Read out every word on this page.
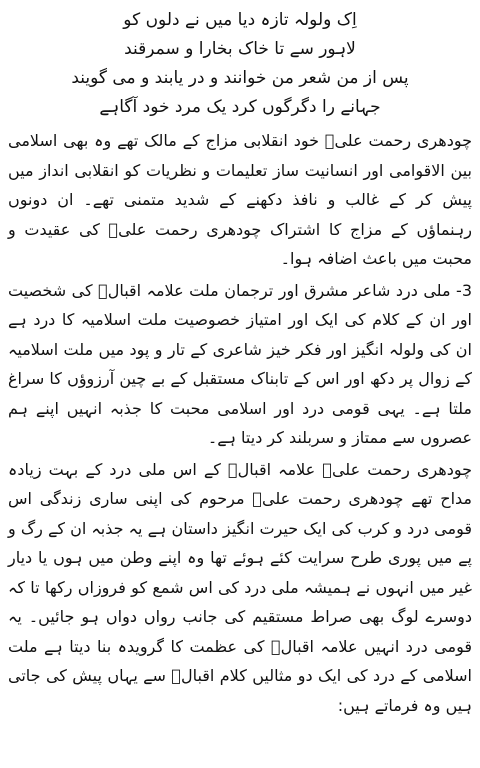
اِک ولولہ تازہ دیا میں نے دلوں کو
لاہور سے تا خاک بخارا و سمرقند
پس از من شعر من خوانند و در یابند و می گویند
جہانے را دگرگوں کرد یک مرد خود آگاہے

چودھری رحمت علیؒ خود انقلابی مزاج کے مالک تھے وہ بھی اسلامی بین الاقوامی اور انسانیت ساز تعلیمات و نظریات کو انقلابی انداز میں پیش کر کے غالب و نافذ دکھنے کے شدید متمنی تھے۔ ان دونوں رہنماؤں کے مزاج کا اشتراک چودھری رحمت علیؒ کی عقیدت و محبت میں باعث اضافہ ہوا۔

3- ملی درد شاعر مشرق اور ترجمان ملت علامہ اقبالؒ کی شخصیت اور ان کے کلام کی ایک اور امتیاز خصوصیت ملت اسلامیہ کا درد ہے ان کی ولولہ انگیز اور فکر خیز شاعری کے تار و پود میں ملت اسلامیہ کے زوال پر دکھ اور اس کے تابناک مستقبل کے بے چین آرزوؤں کا سراغ ملتا ہے۔ یہی قومی درد اور اسلامی محبت کا جذبہ انہیں اپنے ہم عصروں سے ممتاز و سربلند کر دیتا ہے۔

چودھری رحمت علیؒ علامہ اقبالؒ کے اس ملی درد کے بہت زیادہ مداح تھے چودھری رحمت علیؒ مرحوم کی اپنی ساری زندگی اس قومی درد و کرب کی ایک حیرت انگیز داستان ہے یہ جذبہ ان کے رگ و پے میں پوری طرح سرایت کئے ہوئے تھا وہ اپنے وطن میں ہوں یا دیار غیر میں انہوں نے ہمیشہ ملی درد کی اس شمع کو فروزاں رکھا تا کہ دوسرے لوگ بھی صراط مستقیم کی جانب رواں دواں ہو جائیں۔ یہ قومی درد انہیں علامہ اقبالؒ کی عظمت کا گرویدہ بنا دیتا ہے ملت اسلامی کے درد کی ایک دو مثالیں کلام اقبالؒ سے یہاں پیش کی جاتی ہیں وہ فرماتے ہیں:
